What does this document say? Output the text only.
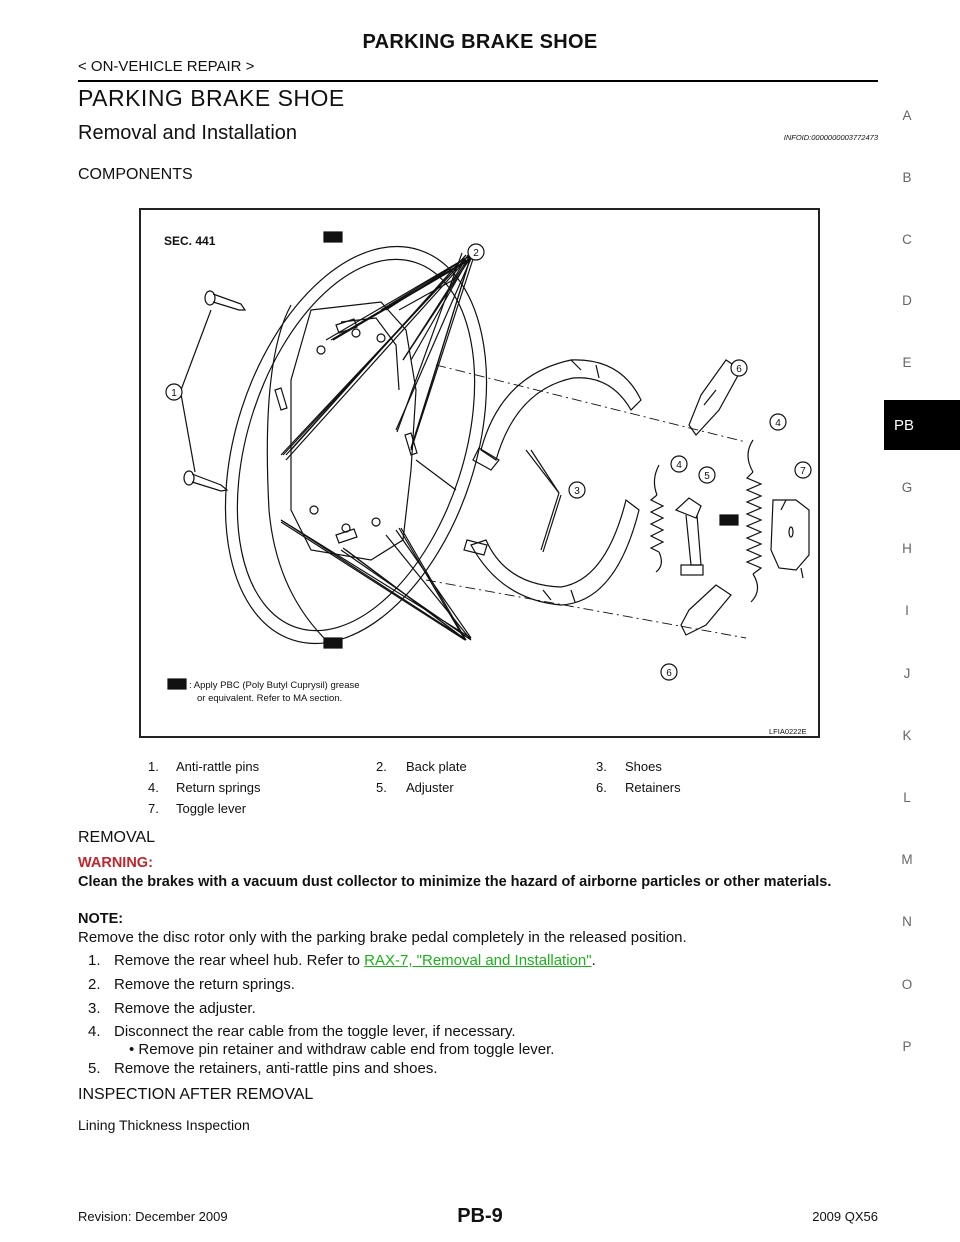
PARKING BRAKE SHOE
< ON-VEHICLE REPAIR >
PARKING BRAKE SHOE
Removal and Installation	INFOID:0000000003772473
COMPONENTS
SEC. 441
1
2
3
4
4
5
6
6
7
: Apply PBC (Poly Butyl Cuprysil) grease
or equivalent. Refer to MA section.
LFIA0222E
1. Anti-rattle pins	2. Back plate	3. Shoes
4. Return springs	5. Adjuster	6. Retainers
7. Toggle lever
REMOVAL
WARNING:
Clean the brakes with a vacuum dust collector to minimize the hazard of airborne particles or other materials.
NOTE:
Remove the disc rotor only with the parking brake pedal completely in the released position.
1. Remove the rear wheel hub. Refer to RAX-7, "Removal and Installation".
2. Remove the return springs.
3. Remove the adjuster.
4. Disconnect the rear cable from the toggle lever, if necessary.
• Remove pin retainer and withdraw cable end from toggle lever.
5. Remove the retainers, anti-rattle pins and shoes.
INSPECTION AFTER REMOVAL
Lining Thickness Inspection
Revision: December 2009	PB-9	2009 QX56
A
B
C
D
E
PB
G
H
I
J
K
L
M
N
O
P
